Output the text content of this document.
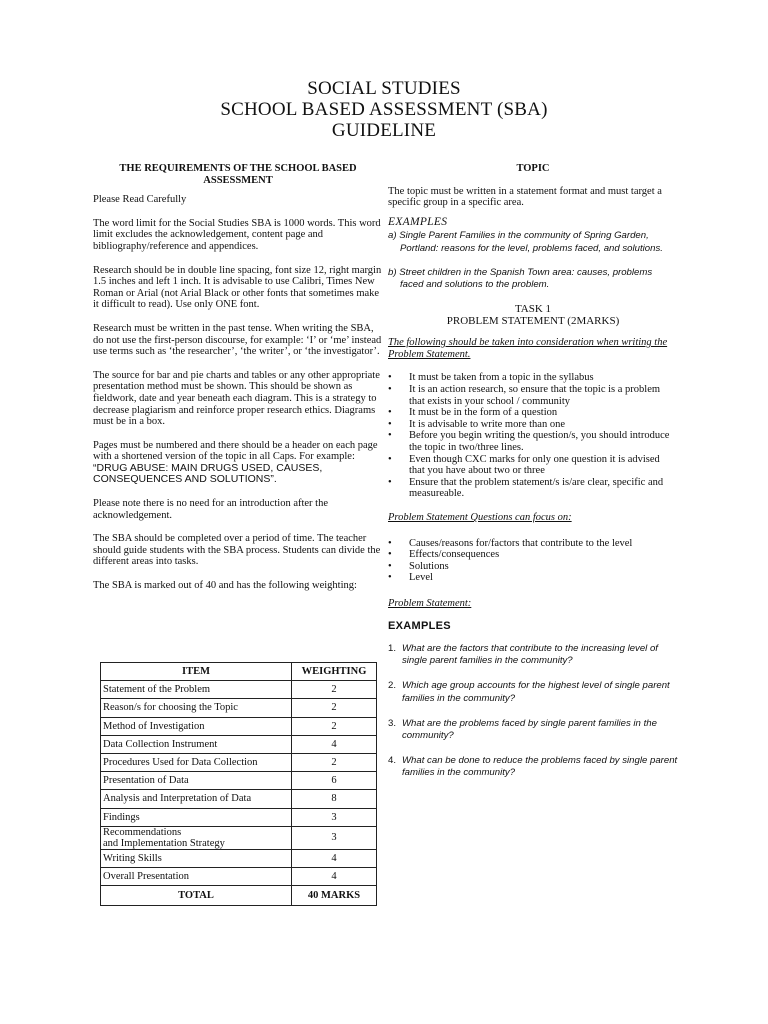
SOCIAL STUDIES
SCHOOL BASED ASSESSMENT (SBA)
GUIDELINE
THE REQUIREMENTS OF THE SCHOOL BASED ASSESSMENT

Please Read Carefully

The word limit for the Social Studies SBA is 1000 words. This word limit excludes the acknowledgement, content page and bibliography/reference and appendices.

Research should be in double line spacing, font size 12, right margin 1.5 inches and left 1 inch. It is advisable to use Calibri, Times New Roman or Arial (not Arial Black or other fonts that sometimes make it difficult to read). Use only ONE font.

Research must be written in the past tense. When writing the SBA, do not use the first-person discourse, for example: ‘I’ or ‘me’ instead use terms such as ‘the researcher’, ‘the writer’, or ‘the investigator’.

The source for bar and pie charts and tables or any other appropriate presentation method must be shown. This should be shown as fieldwork, date and year beneath each diagram. This is a strategy to decrease plagiarism and reinforce proper research ethics. Diagrams must be in a box.

Pages must be numbered and there should be a header on each page with a shortened version of the topic in all Caps. For example: “DRUG ABUSE: MAIN DRUGS USED, CAUSES, CONSEQUENCES AND SOLUTIONS”.

Please note there is no need for an introduction after the acknowledgement.

The SBA should be completed over a period of time. The teacher should guide students with the SBA process. Students can divide the different areas into tasks.

The SBA is marked out of 40 and has the following weighting:

ITEM	WEIGHTING
Statement of the Problem	2
Reason/s for choosing the Topic	2
Method of Investigation	2
Data Collection Instrument	4
Procedures Used for Data Collection	2
Presentation of Data	6
Analysis and Interpretation of Data	8
Findings	3

Recommendations
and Implementation Strategy	3
Writing Skills	4
Overall Presentation	4
TOTAL	40 MARKS
TOPIC

The topic must be written in a statement format and must target a specific group in a specific area.

EXAMPLES

a) Single Parent Families in the community of Spring Garden, Portland: reasons for the level, problems faced, and solutions.

b) Street children in the Spanish Town area: causes, problems faced and solutions to the problem.

TASK 1
PROBLEM STATEMENT (2MARKS)

The following should be taken into consideration when writing the Problem Statement.

• It must be taken from a topic in the syllabus
• It is an action research, so ensure that the topic is a problem that exists in your school / community
• It must be in the form of a question
• It is advisable to write more than one
• Before you begin writing the question/s, you should introduce the topic in two/three lines.
• Even though CXC marks for only one question it is advised that you have about two or three
• Ensure that the problem statement/s is/are clear, specific and measureable.

Problem Statement Questions can focus on:

• Causes/reasons for/factors that contribute to the level
• Effects/consequences
• Solutions
• Level

Problem Statement:

EXAMPLES
1. What are the factors that contribute to the increasing level of single parent families in the community?
2. Which age group accounts for the highest level of single parent families in the community?
3. What are the problems faced by single parent families in the community?
4. What can be done to reduce the problems faced by single parent families in the community?
